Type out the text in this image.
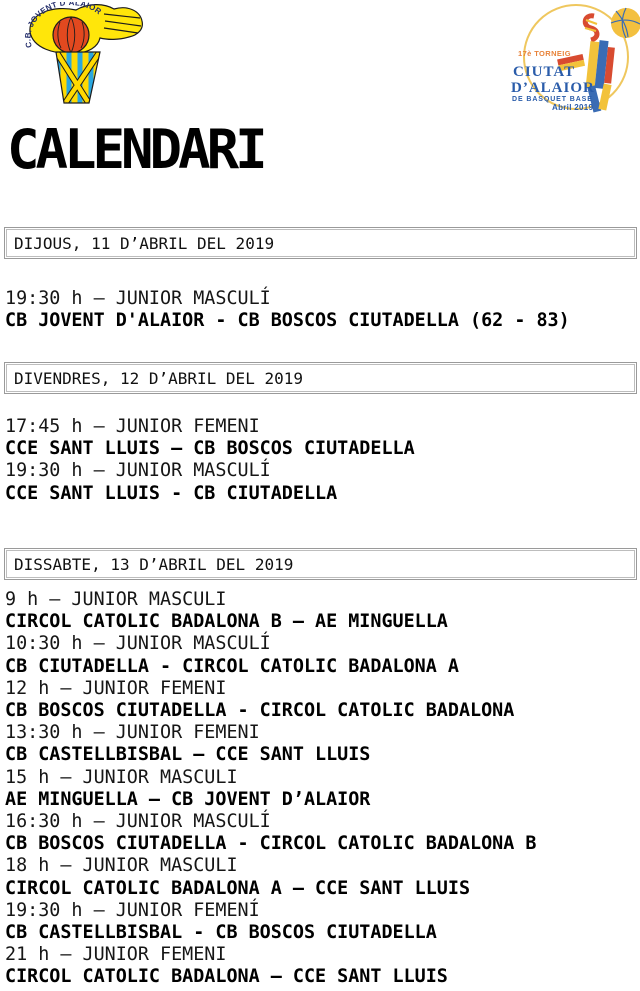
C.B. JOVENT D’ALAIOR
17è TORNEIG
CIUTAT
D’ALAIOR
DE BASQUET BASE
Abril 2019
CALENDARI
DIJOUS, 11 D’ABRIL DEL 2019
19:30 h – JUNIOR MASCULÍ
CB JOVENT D'ALAIOR - CB BOSCOS CIUTADELLA (62 - 83)
DIVENDRES, 12 D’ABRIL DEL 2019
17:45 h – JUNIOR FEMENI
CCE SANT LLUIS – CB BOSCOS CIUTADELLA
19:30 h – JUNIOR MASCULÍ
CCE SANT LLUIS - CB CIUTADELLA
DISSABTE, 13 D’ABRIL DEL 2019
9 h – JUNIOR MASCULI
CIRCOL CATOLIC BADALONA B – AE MINGUELLA
10:30 h – JUNIOR MASCULÍ
CB CIUTADELLA - CIRCOL CATOLIC BADALONA A
12 h – JUNIOR FEMENI
CB BOSCOS CIUTADELLA - CIRCOL CATOLIC BADALONA
13:30 h – JUNIOR FEMENI
CB CASTELLBISBAL – CCE SANT LLUIS
15 h – JUNIOR MASCULI
AE MINGUELLA – CB JOVENT D’ALAIOR
16:30 h – JUNIOR MASCULÍ
CB BOSCOS CIUTADELLA - CIRCOL CATOLIC BADALONA B
18 h – JUNIOR MASCULI
CIRCOL CATOLIC BADALONA A – CCE SANT LLUIS
19:30 h – JUNIOR FEMENÍ
CB CASTELLBISBAL - CB BOSCOS CIUTADELLA
21 h – JUNIOR FEMENI
CIRCOL CATOLIC BADALONA – CCE SANT LLUIS
